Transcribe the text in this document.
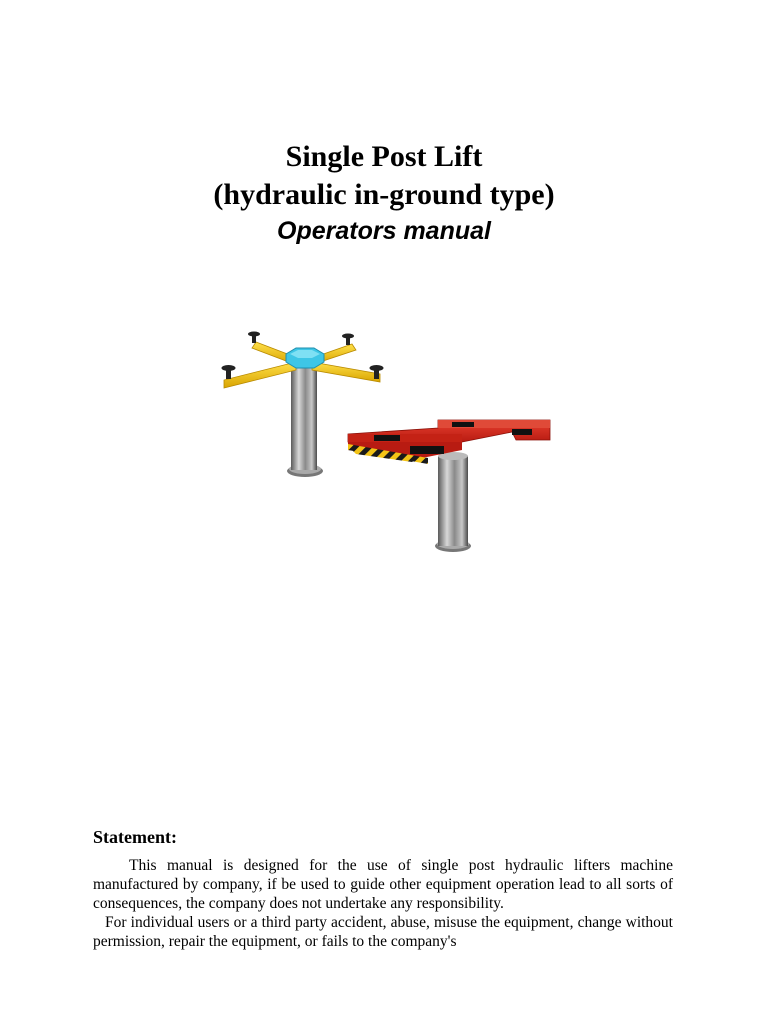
Single Post Lift

(hydraulic in-ground type)

Operators manual

Statement:

This manual is designed for the use of single post hydraulic lifters machine manufactured by company, if be used to guide other equipment operation lead to all sorts of consequences, the company does not undertake any responsibility.

For individual users or a third party accident, abuse, misuse the equipment, change without permission, repair the equipment, or fails to the company's
